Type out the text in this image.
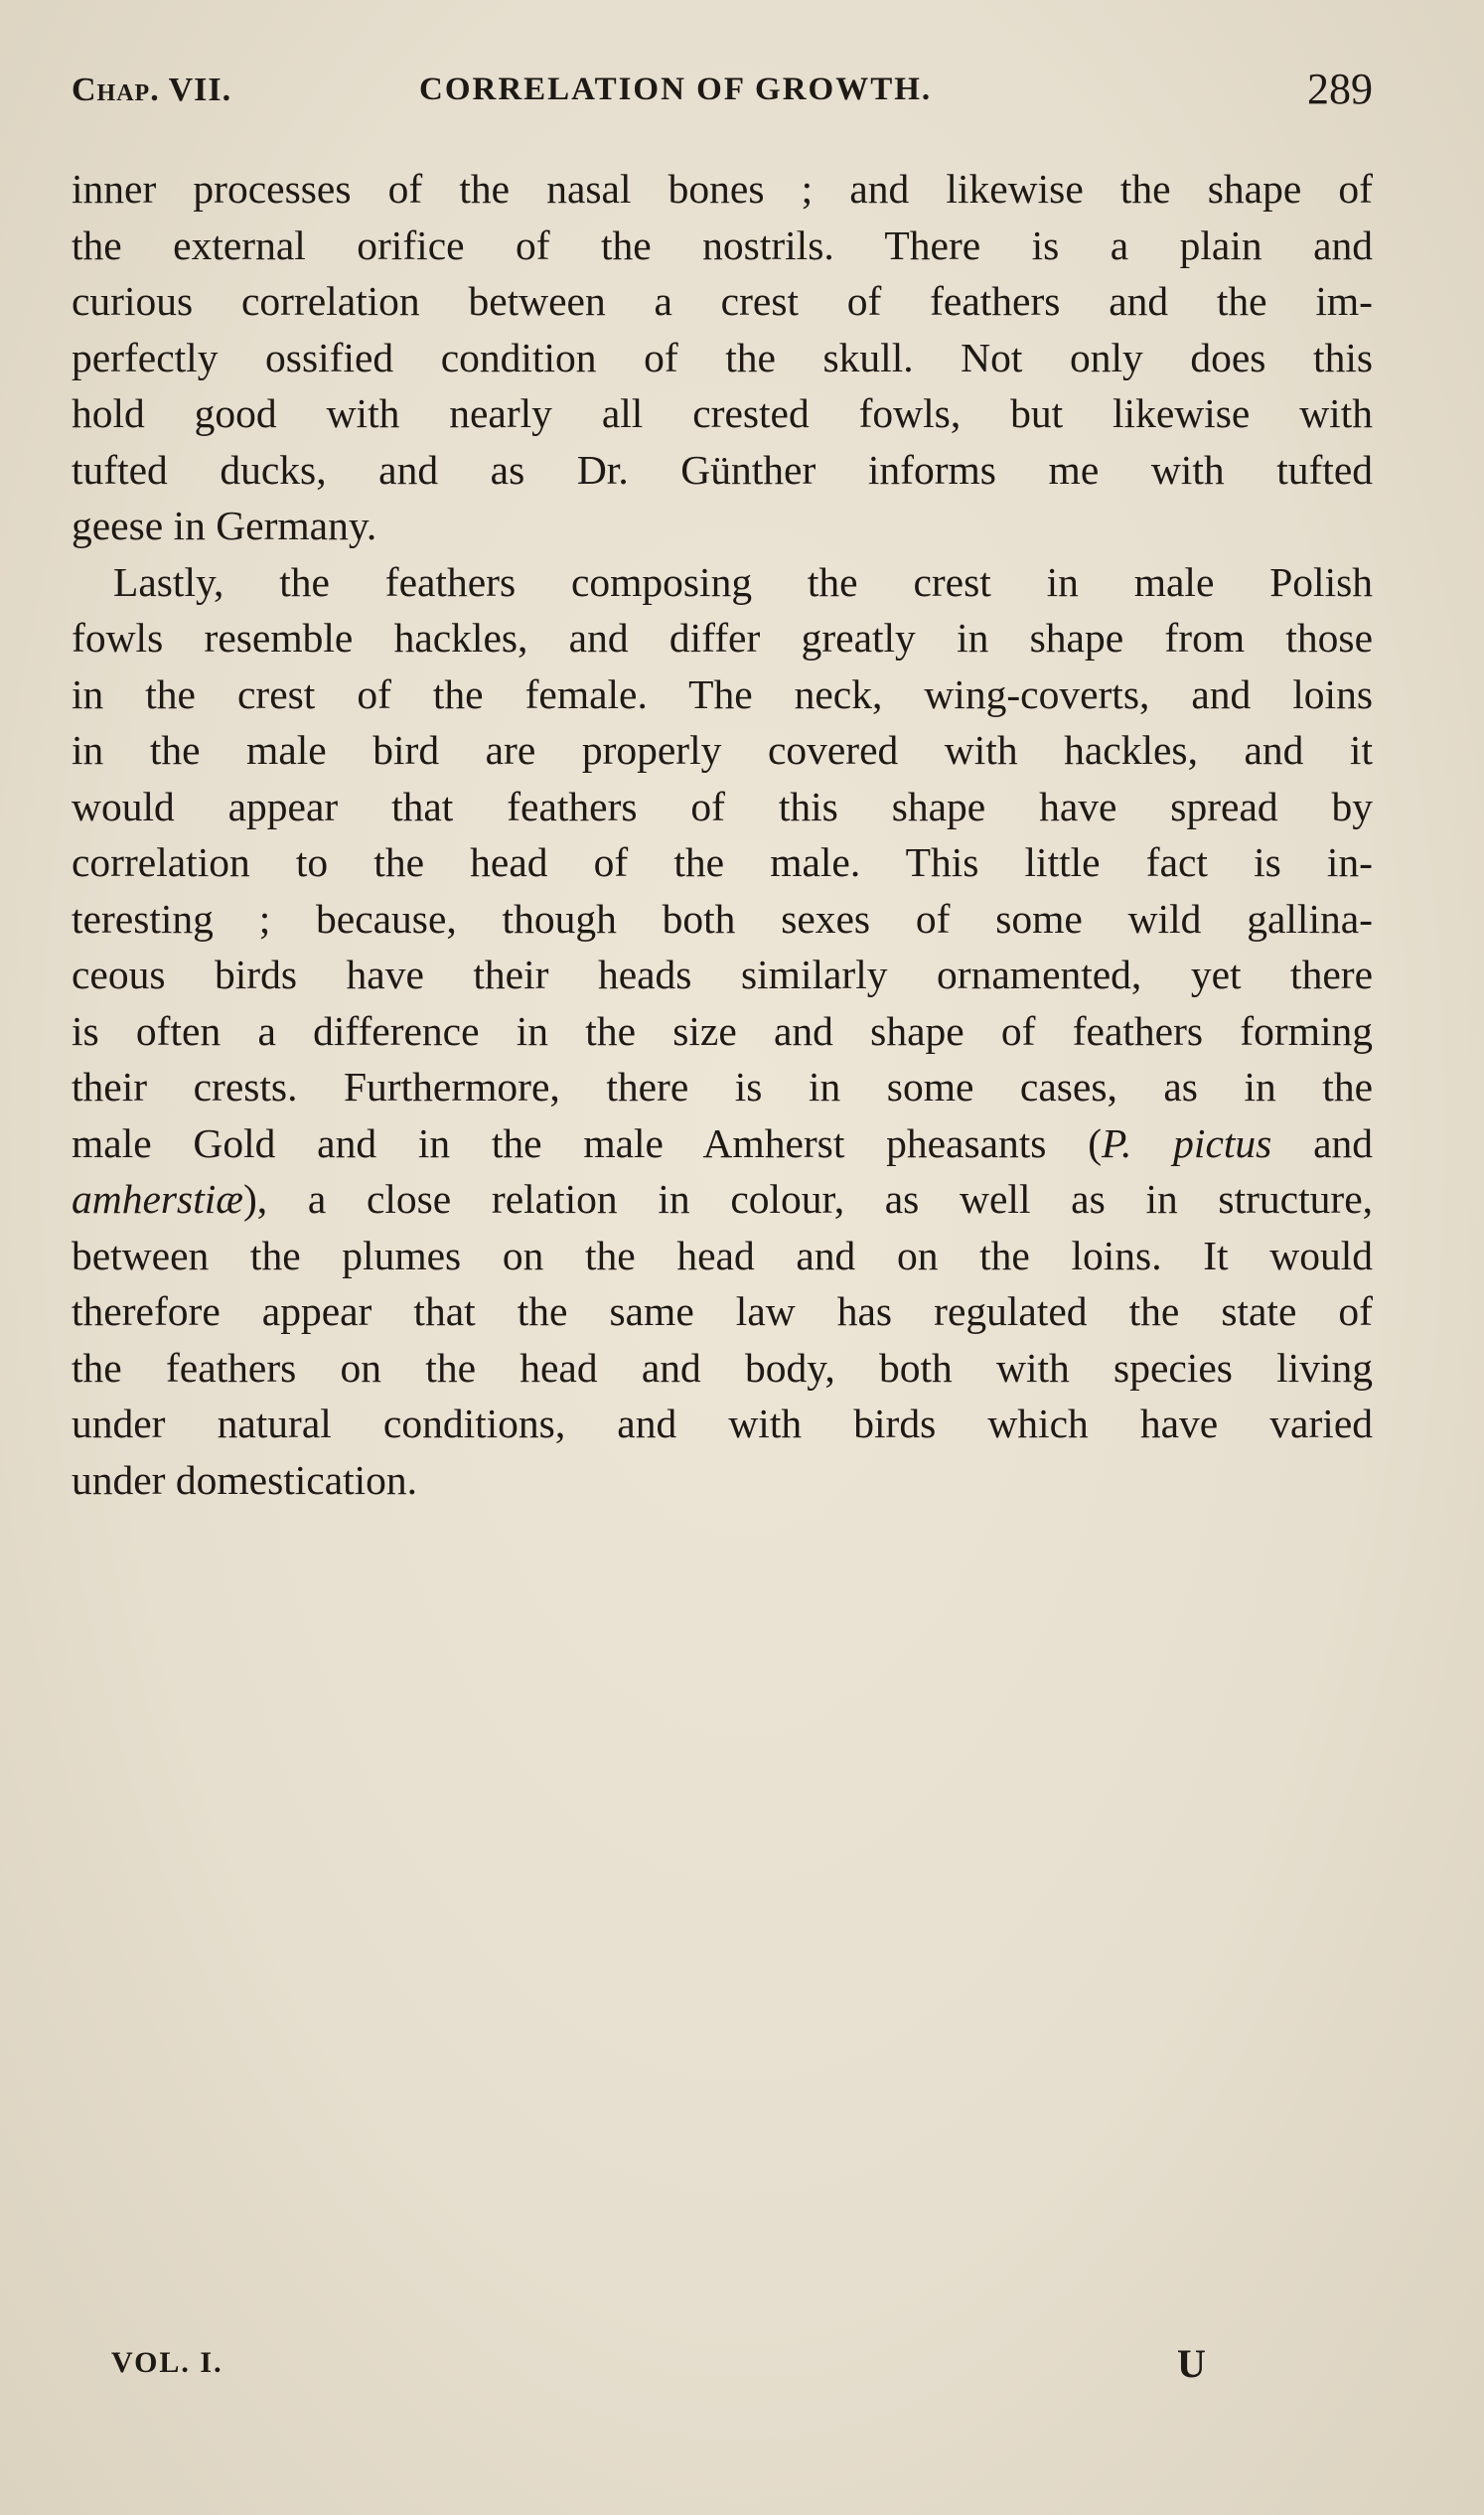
Chap. VII.	CORRELATION OF GROWTH.	289

inner processes of the nasal bones ; and likewise the shape of
the external orifice of the nostrils. There is a plain and
curious correlation between a crest of feathers and the im-
perfectly ossified condition of the skull. Not only does this
hold good with nearly all crested fowls, but likewise with
tufted ducks, and as Dr. Günther informs me with tufted
geese in Germany.

Lastly, the feathers composing the crest in male Polish
fowls resemble hackles, and differ greatly in shape from those
in the crest of the female. The neck, wing-coverts, and loins
in the male bird are properly covered with hackles, and it
would appear that feathers of this shape have spread by
correlation to the head of the male. This little fact is in-
teresting ; because, though both sexes of some wild gallina-
ceous birds have their heads similarly ornamented, yet there
is often a difference in the size and shape of feathers forming
their crests. Furthermore, there is in some cases, as in the
male Gold and in the male Amherst pheasants (P. pictus and
amherstiæ), a close relation in colour, as well as in structure,
between the plumes on the head and on the loins. It would
therefore appear that the same law has regulated the state of
the feathers on the head and body, both with species living
under natural conditions, and with birds which have varied
under domestication.

VOL. I.	U
